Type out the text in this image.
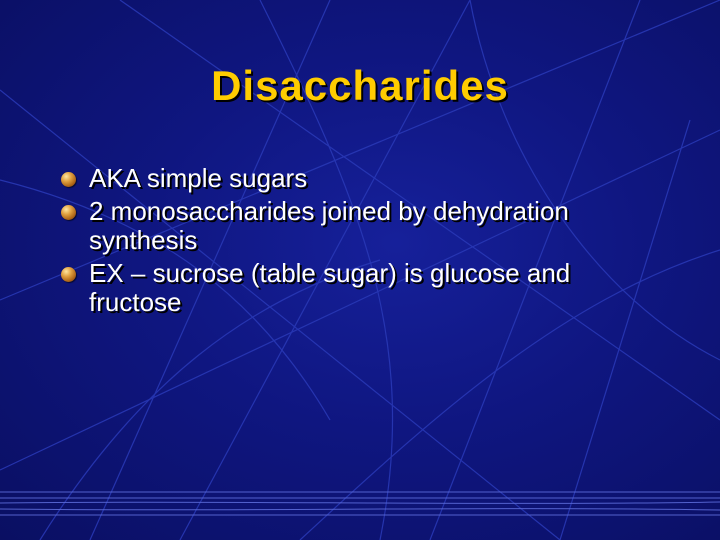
Disaccharides
AKA simple sugars
2 monosaccharides joined by dehydration synthesis
EX – sucrose (table sugar) is glucose and fructose
